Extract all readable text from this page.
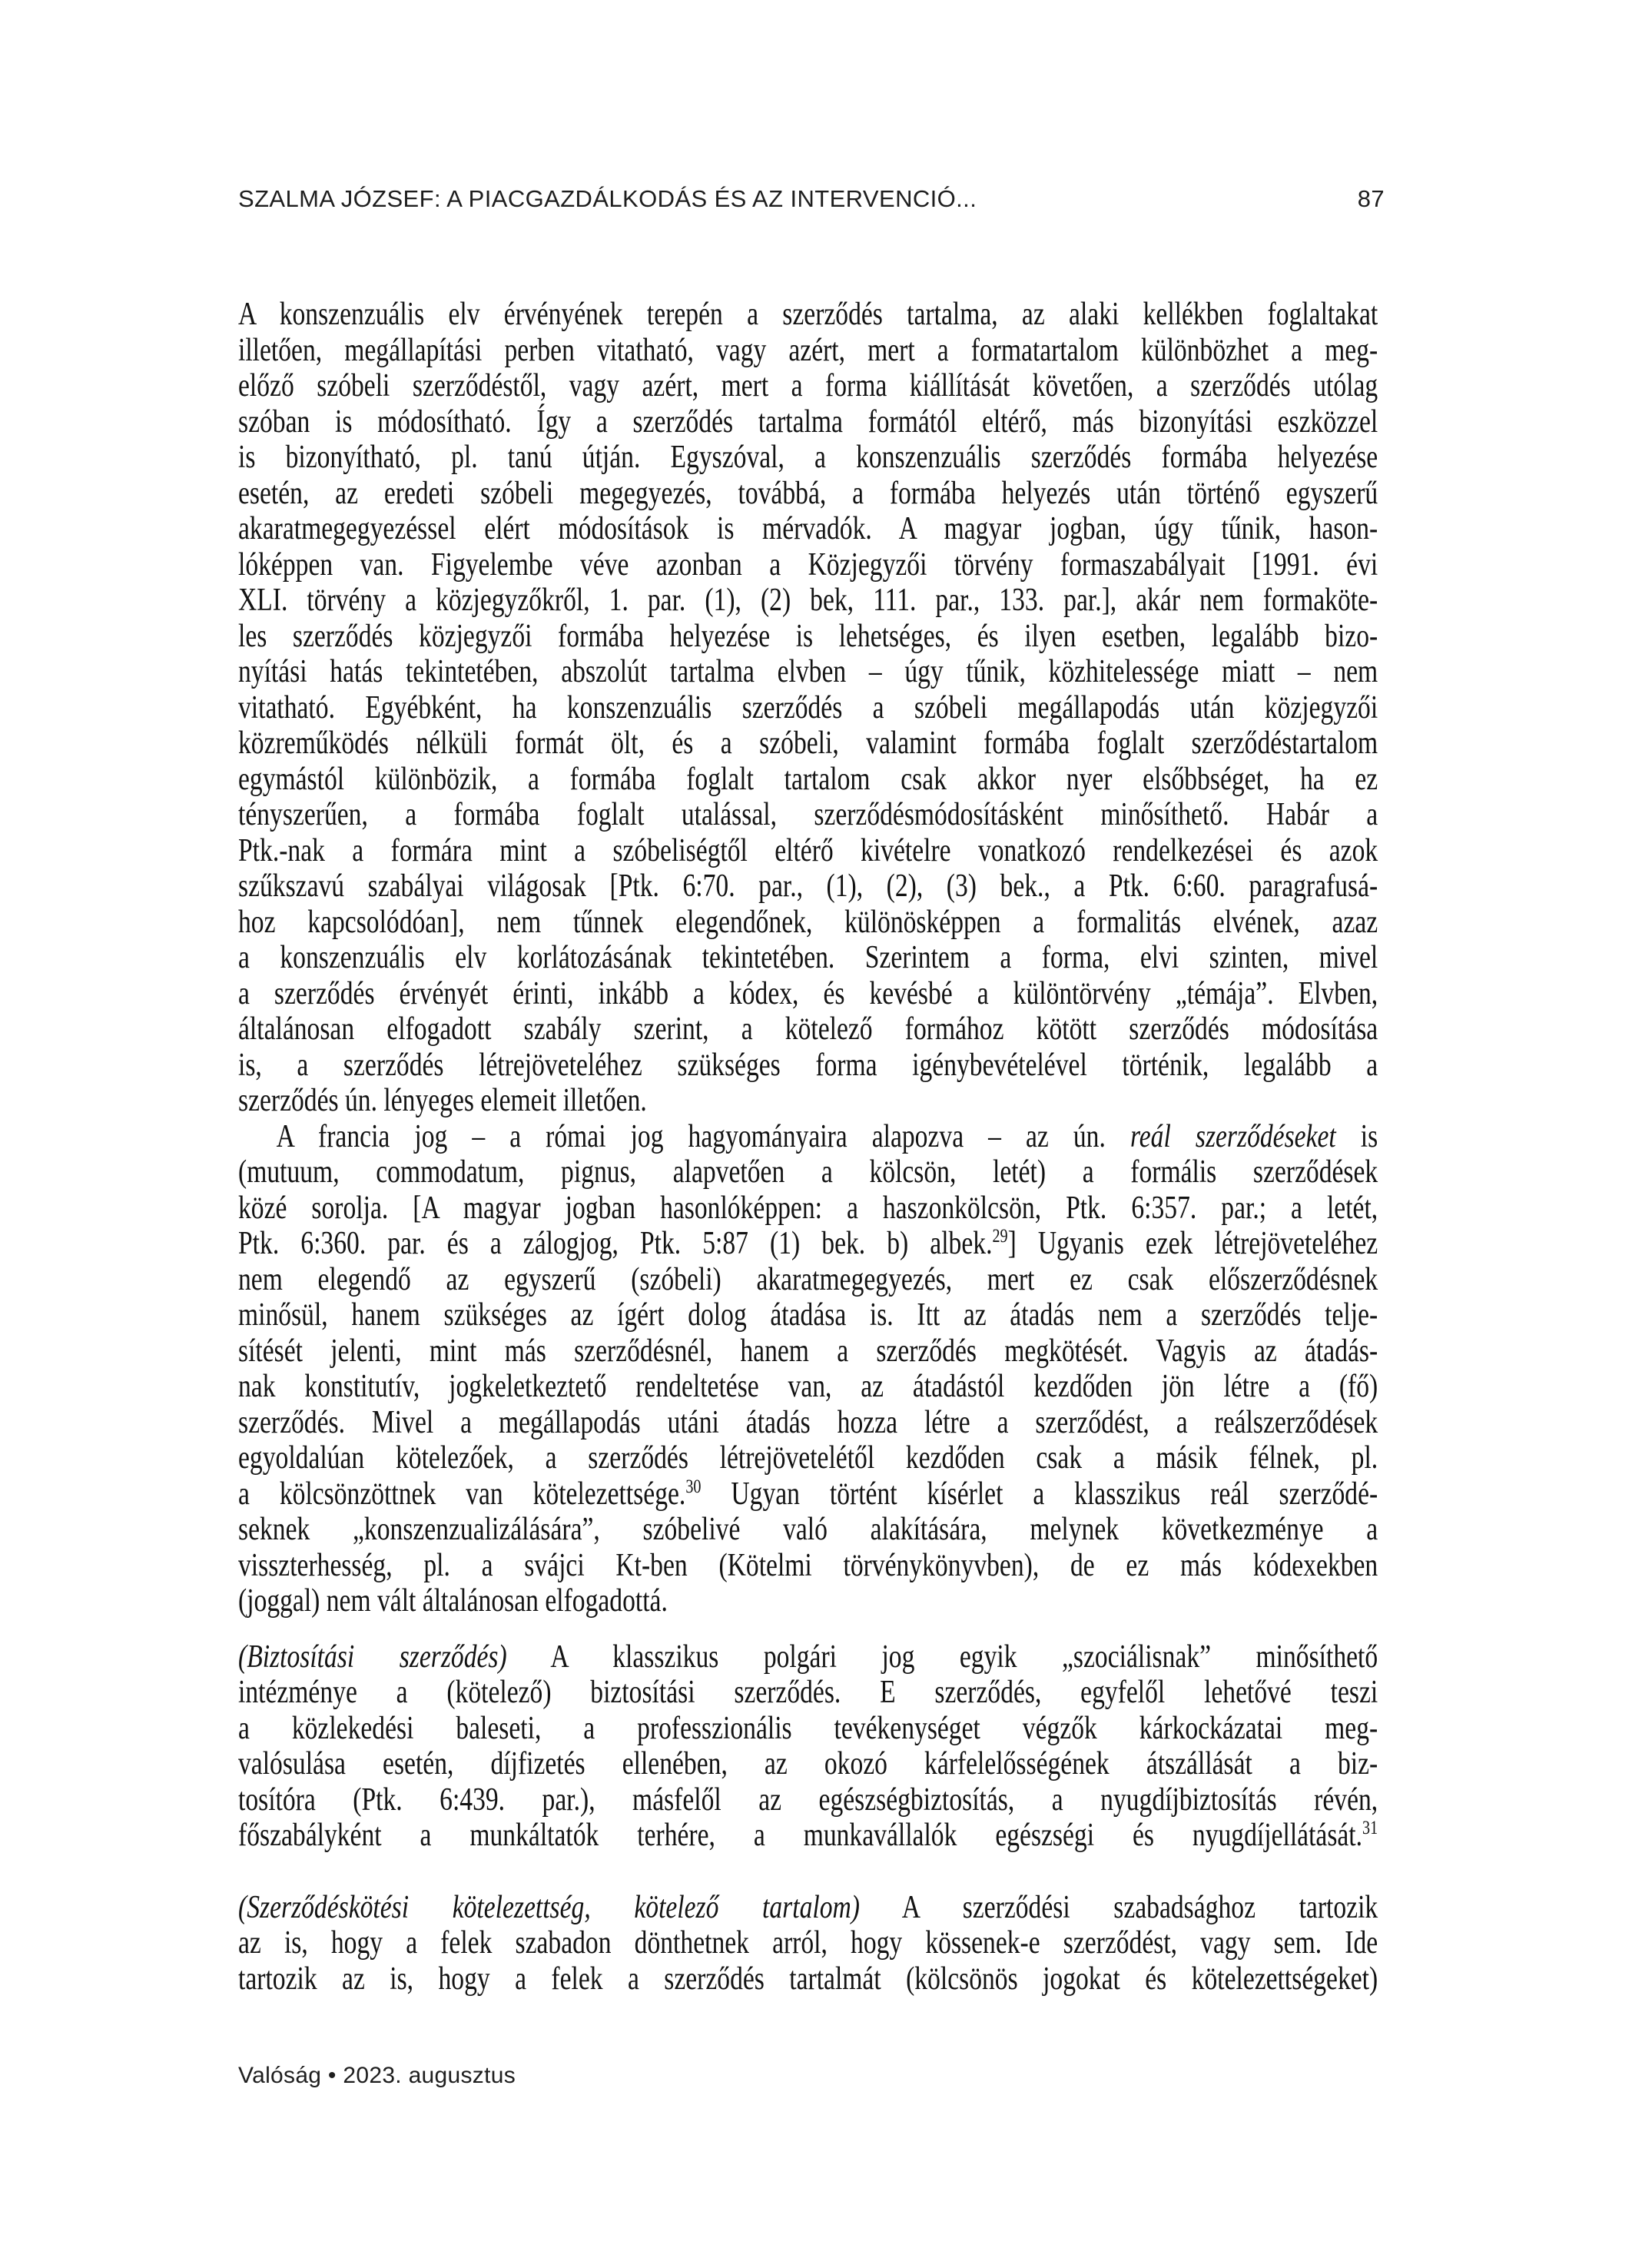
SZALMA JÓZSEF: A PIACGAZDÁLKODÁS ÉS AZ INTERVENCIÓ...	87
A konszenzuális elv érvényének terepén a szerződés tartalma, az alaki kellékben foglaltakat
illetően, megállapítási perben vitatható, vagy azért, mert a formatartalom különbözhet a meg-
előző szóbeli szerződéstől, vagy azért, mert a forma kiállítását követően, a szerződés utólag
szóban is módosítható. Így a szerződés tartalma formától eltérő, más bizonyítási eszközzel
is bizonyítható, pl. tanú útján. Egyszóval, a konszenzuális szerződés formába helyezése
esetén, az eredeti szóbeli megegyezés, továbbá, a formába helyezés után történő egyszerű
akaratmegegyezéssel elért módosítások is mérvadók. A magyar jogban, úgy tűnik, hason-
lóképpen van. Figyelembe véve azonban a Közjegyzői törvény formaszabályait [1991. évi
XLI. törvény a közjegyzőkről, 1. par. (1), (2) bek, 111. par., 133. par.], akár nem formaköte-
les szerződés közjegyzői formába helyezése is lehetséges, és ilyen esetben, legalább bizo-
nyítási hatás tekintetében, abszolút tartalma elvben – úgy tűnik, közhitelessége miatt – nem
vitatható. Egyébként, ha konszenzuális szerződés a szóbeli megállapodás után közjegyzői
közreműködés nélküli formát ölt, és a szóbeli, valamint formába foglalt szerződéstartalom
egymástól különbözik, a formába foglalt tartalom csak akkor nyer elsőbbséget, ha ez
tényszerűen, a formába foglalt utalással, szerződésmódosításként minősíthető. Habár a
Ptk.-nak a formára mint a szóbeliségtől eltérő kivételre vonatkozó rendelkezései és azok
szűkszavú szabályai világosak [Ptk. 6:70. par., (1), (2), (3) bek., a Ptk. 6:60. paragrafusá-
hoz kapcsolódóan], nem tűnnek elegendőnek, különösképpen a formalitás elvének, azaz
a konszenzuális elv korlátozásának tekintetében. Szerintem a forma, elvi szinten, mivel
a szerződés érvényét érinti, inkább a kódex, és kevésbé a különtörvény „témája”. Elvben,
általánosan elfogadott szabály szerint, a kötelező formához kötött szerződés módosítása
is, a szerződés létrejöveteléhez szükséges forma igénybevételével történik, legalább a
szerződés ún. lényeges elemeit illetően.
A francia jog – a római jog hagyományaira alapozva – az ún. reál szerződéseket is
(mutuum, commodatum, pignus, alapvetően a kölcsön, letét) a formális szerződések
közé sorolja. [A magyar jogban hasonlóképpen: a haszonkölcsön, Ptk. 6:357. par.; a letét,
Ptk. 6:360. par. és a zálogjog, Ptk. 5:87 (1) bek. b) albek.$^{29}$] Ugyanis ezek létrejöveteléhez
nem elegendő az egyszerű (szóbeli) akaratmegegyezés, mert ez csak előszerződésnek
minősül, hanem szükséges az ígért dolog átadása is. Itt az átadás nem a szerződés telje-
sítését jelenti, mint más szerződésnél, hanem a szerződés megkötését. Vagyis az átadás-
nak konstitutív, jogkeletkeztető rendeltetése van, az átadástól kezdőden jön létre a (fő)
szerződés. Mivel a megállapodás utáni átadás hozza létre a szerződést, a reálszerződések
egyoldalúan kötelezőek, a szerződés létrejövetelétől kezdőden csak a másik félnek, pl.
a kölcsönzöttnek van kötelezettsége.$^{30}$ Ugyan történt kísérlet a klasszikus reál szerződé-
seknek „konszenzualizálására”, szóbelivé való alakítására, melynek következménye a
visszterhesség, pl. a svájci Kt-ben (Kötelmi törvénykönyvben), de ez más kódexekben
(joggal) nem vált általánosan elfogadottá.
(Biztosítási szerződés) A klasszikus polgári jog egyik „szociálisnak” minősíthető
intézménye a (kötelező) biztosítási szerződés. E szerződés, egyfelől lehetővé teszi
a közlekedési baleseti, a professzionális tevékenységet végzők kárkockázatai meg-
valósulása esetén, díjfizetés ellenében, az okozó kárfelelősségének átszállását a biz-
tosítóra (Ptk. 6:439. par.), másfelől az egészségbiztosítás, a nyugdíjbiztosítás révén,
főszabályként a munkáltatók terhére, a munkavállalók egészségi és nyugdíjellátását.$^{31}$
(Szerződéskötési kötelezettség, kötelező tartalom) A szerződési szabadsághoz tartozik
az is, hogy a felek szabadon dönthetnek arról, hogy kössenek-e szerződést, vagy sem. Ide
tartozik az is, hogy a felek a szerződés tartalmát (kölcsönös jogokat és kötelezettségeket)
Valóság • 2023. augusztus
